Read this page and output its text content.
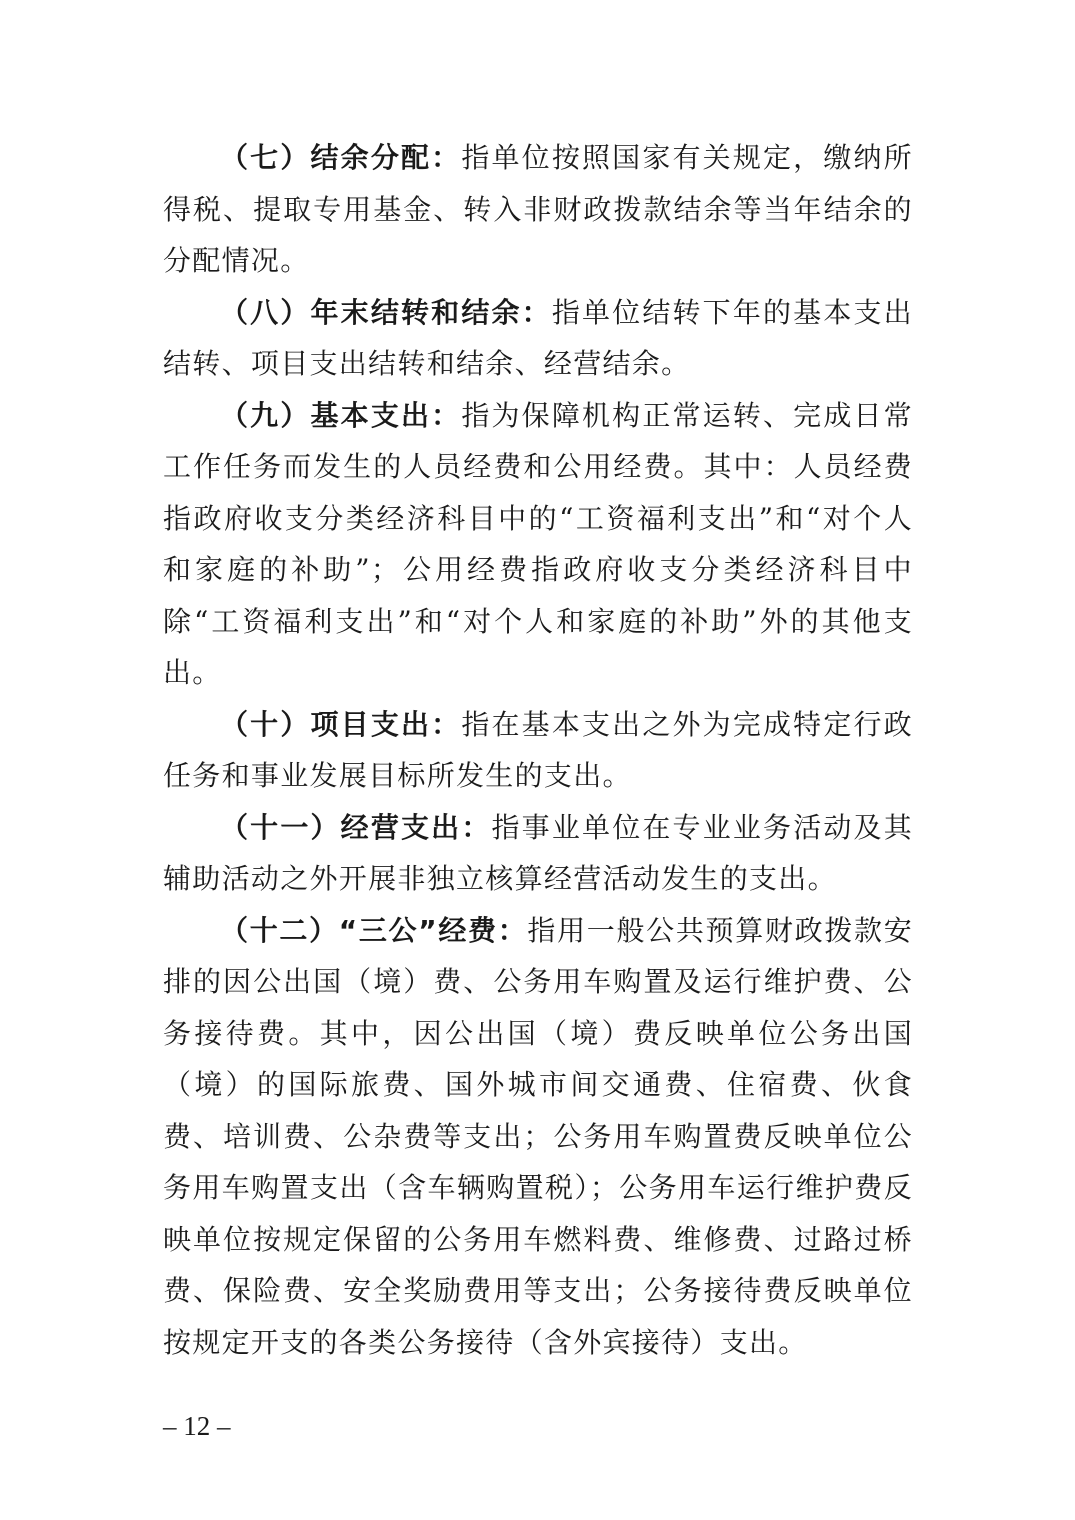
（七）结余分配：指单位按照国家有关规定，缴纳所得税、提取专用基金、转入非财政拨款结余等当年结余的分配情况。

（八）年末结转和结余：指单位结转下年的基本支出结转、项目支出结转和结余、经营结余。

（九）基本支出：指为保障机构正常运转、完成日常工作任务而发生的人员经费和公用经费。其中：人员经费指政府收支分类经济科目中的“工资福利支出”和“对个人和家庭的补助”；公用经费指政府收支分类经济科目中除“工资福利支出”和“对个人和家庭的补助”外的其他支出。

（十）项目支出：指在基本支出之外为完成特定行政任务和事业发展目标所发生的支出。

（十一）经营支出：指事业单位在专业业务活动及其辅助活动之外开展非独立核算经营活动发生的支出。

（十二）“三公”经费：指用一般公共预算财政拨款安排的因公出国（境）费、公务用车购置及运行维护费、公务接待费。其中，因公出国（境）费反映单位公务出国（境）的国际旅费、国外城市间交通费、住宿费、伙食费、培训费、公杂费等支出；公务用车购置费反映单位公务用车购置支出（含车辆购置税）；公务用车运行维护费反映单位按规定保留的公务用车燃料费、维修费、过路过桥费、保险费、安全奖励费用等支出；公务接待费反映单位按规定开支的各类公务接待（含外宾接待）支出。

– 12 –
